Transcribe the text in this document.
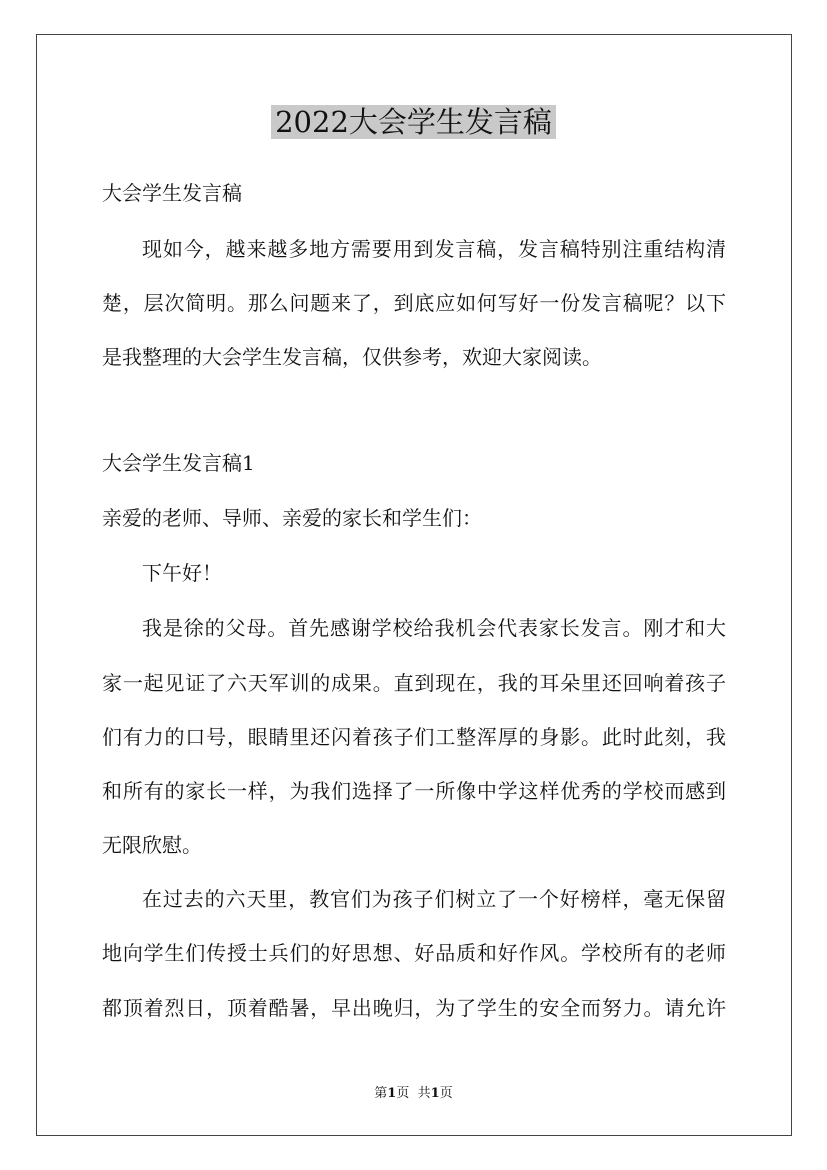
2022大会学生发言稿
大会学生发言稿
现如今，越来越多地方需要用到发言稿，发言稿特别注重结构清
楚，层次简明。那么问题来了，到底应如何写好一份发言稿呢？以下
是我整理的大会学生发言稿，仅供参考，欢迎大家阅读。
大会学生发言稿1
亲爱的老师、导师、亲爱的家长和学生们：
下午好！
我是徐的父母。首先感谢学校给我机会代表家长发言。刚才和大
家一起见证了六天军训的成果。直到现在，我的耳朵里还回响着孩子
们有力的口号，眼睛里还闪着孩子们工整浑厚的身影。此时此刻，我
和所有的家长一样，为我们选择了一所像中学这样优秀的学校而感到
无限欣慰。
在过去的六天里，教官们为孩子们树立了一个好榜样，毫无保留
地向学生们传授士兵们的好思想、好品质和好作风。学校所有的老师
都顶着烈日，顶着酷暑，早出晚归，为了学生的安全而努力。请允许
第1页 共1页
